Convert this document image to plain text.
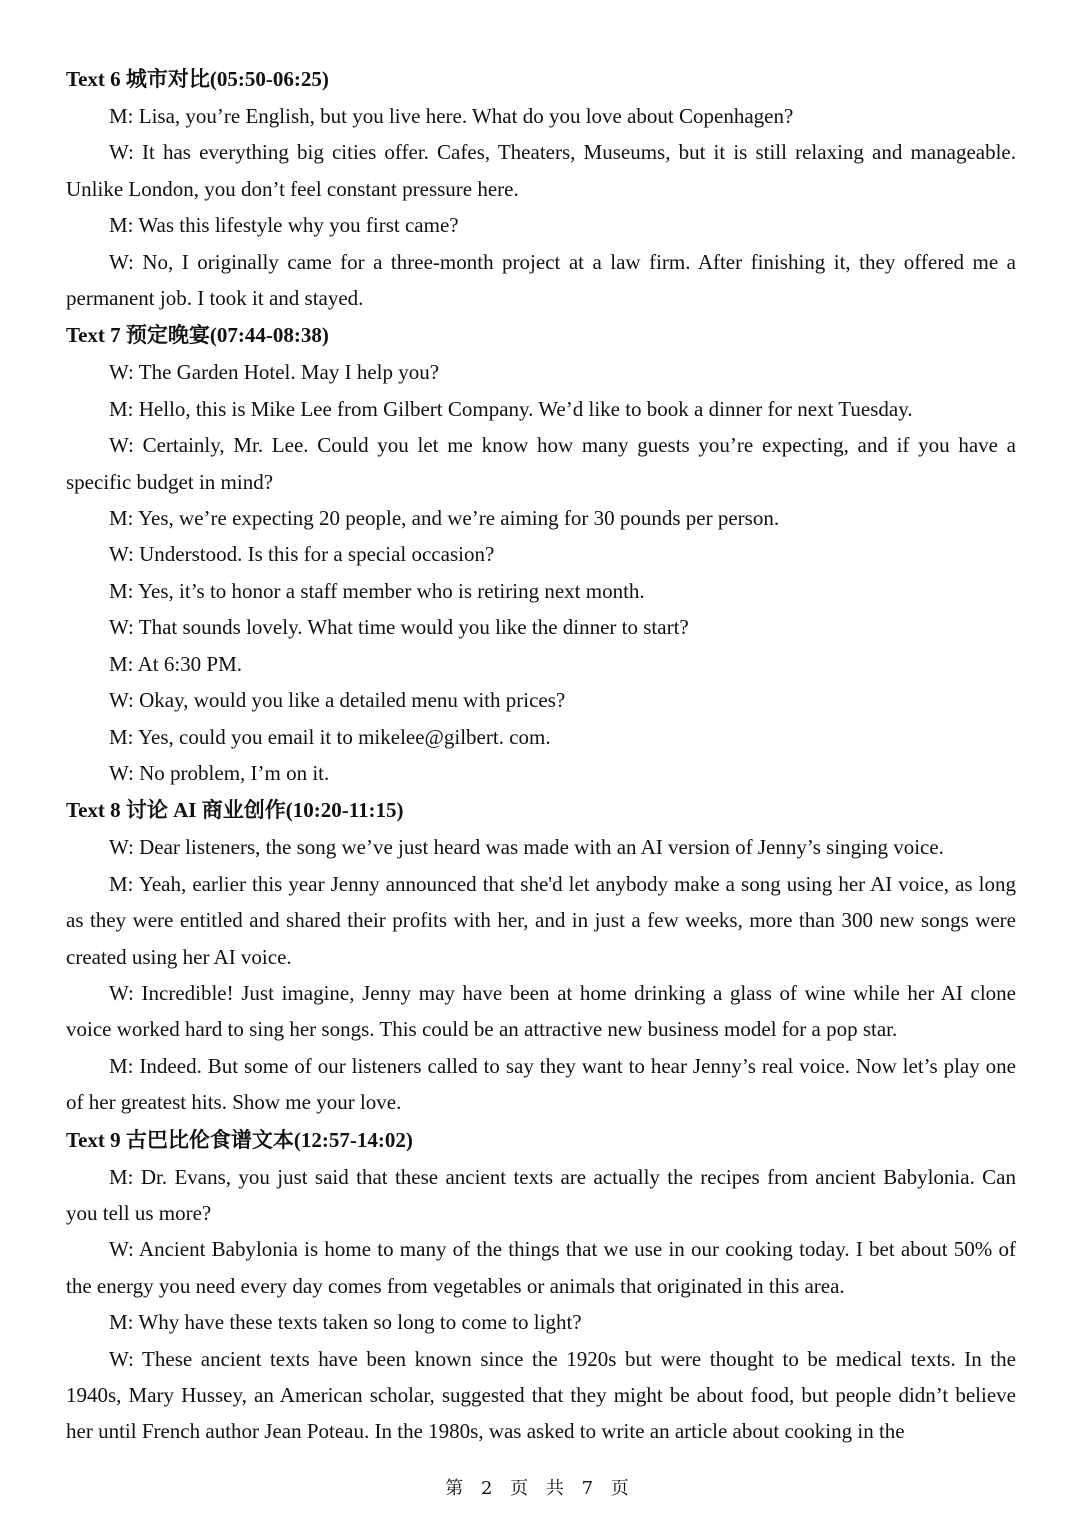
Text 6 城市对比(05:50-06:25)

M: Lisa, you’re English, but you live here. What do you love about Copenhagen?

W: It has everything big cities offer. Cafes, Theaters, Museums, but it is still relaxing and manageable. Unlike London, you don’t feel constant pressure here.

M: Was this lifestyle why you first came?

W: No, I originally came for a three-month project at a law firm. After finishing it, they offered me a permanent job. I took it and stayed.

Text 7 预定晚宴(07:44-08:38)

W: The Garden Hotel. May I help you?

M: Hello, this is Mike Lee from Gilbert Company. We’d like to book a dinner for next Tuesday.

W: Certainly, Mr. Lee. Could you let me know how many guests you’re expecting, and if you have a specific budget in mind?

M: Yes, we’re expecting 20 people, and we’re aiming for 30 pounds per person.

W: Understood. Is this for a special occasion?

M: Yes, it’s to honor a staff member who is retiring next month.

W: That sounds lovely. What time would you like the dinner to start?

M: At 6:30 PM.

W: Okay, would you like a detailed menu with prices?

M: Yes, could you email it to mikelee@gilbert. com.

W: No problem, I’m on it.

Text 8 讨论 AI 商业创作(10:20-11:15)

W: Dear listeners, the song we’ve just heard was made with an AI version of Jenny’s singing voice.

M: Yeah, earlier this year Jenny announced that she'd let anybody make a song using her AI voice, as long as they were entitled and shared their profits with her, and in just a few weeks, more than 300 new songs were created using her AI voice.

W: Incredible! Just imagine, Jenny may have been at home drinking a glass of wine while her AI clone voice worked hard to sing her songs. This could be an attractive new business model for a pop star.

M: Indeed. But some of our listeners called to say they want to hear Jenny’s real voice. Now let’s play one of her greatest hits. Show me your love.

Text 9 古巴比伦食谱文本(12:57-14:02)

M: Dr. Evans, you just said that these ancient texts are actually the recipes from ancient Babylonia. Can you tell us more?

W: Ancient Babylonia is home to many of the things that we use in our cooking today. I bet about 50% of the energy you need every day comes from vegetables or animals that originated in this area.

M: Why have these texts taken so long to come to light?

W: These ancient texts have been known since the 1920s but were thought to be medical texts. In the 1940s, Mary Hussey, an American scholar, suggested that they might be about food, but people didn’t believe her until French author Jean Poteau. In the 1980s, was asked to write an article about cooking in the

第 2 页 共 7 页
